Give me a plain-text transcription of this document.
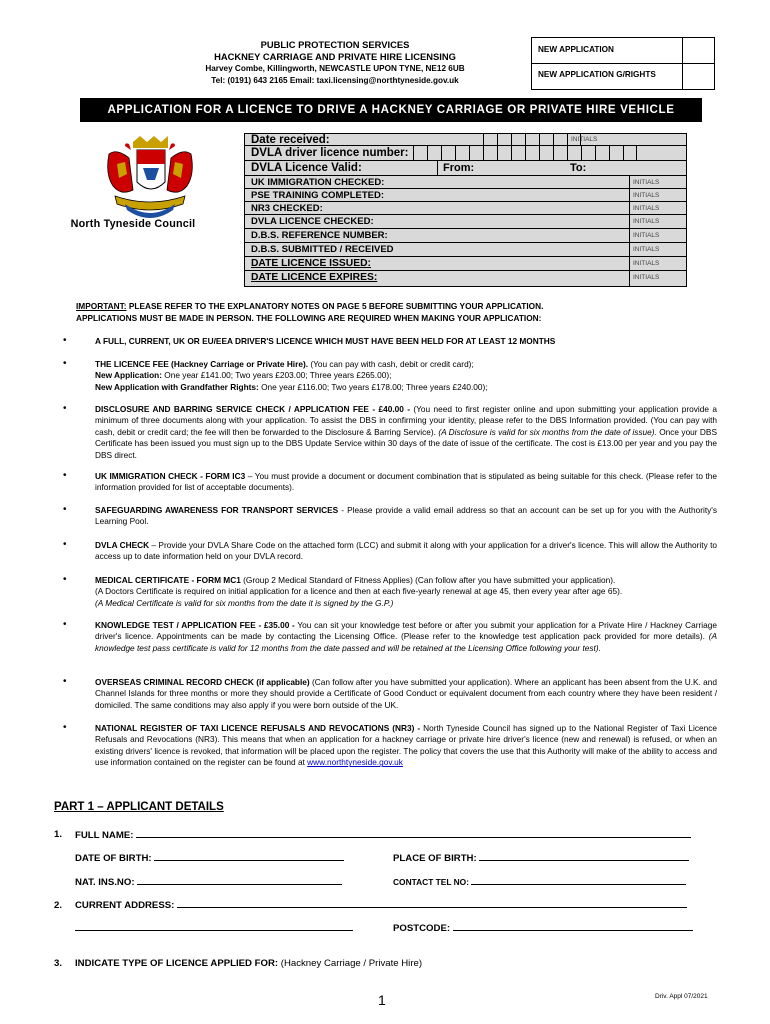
PUBLIC PROTECTION SERVICES
HACKNEY CARRIAGE AND PRIVATE HIRE LICENSING
Harvey Combe, Killingworth, NEWCASTLE UPON TYNE, NE12 6UB
Tel: (0191) 643 2165 Email: taxi.licensing@northtyneside.gov.uk
NEW APPLICATION
NEW APPLICATION G/RIGHTS
APPLICATION FOR A LICENCE TO DRIVE A HACKNEY CARRIAGE OR PRIVATE HIRE VEHICLE
North Tyneside Council
Date received:	INITIALS
DVLA driver licence number:
DVLA Licence Valid:	From:	To:
UK IMMIGRATION CHECKED:	INITIALS
PSE TRAINING COMPLETED:	INITIALS
NR3 CHECKED:	INITIALS
DVLA LICENCE CHECKED:	INITIALS
D.B.S. REFERENCE NUMBER:	INITIALS
D.B.S. SUBMITTED / RECEIVED	INITIALS
DATE LICENCE ISSUED:	INITIALS
DATE LICENCE EXPIRES:	INITIALS
IMPORTANT: PLEASE REFER TO THE EXPLANATORY NOTES ON PAGE 5 BEFORE SUBMITTING YOUR APPLICATION.
APPLICATIONS MUST BE MADE IN PERSON. THE FOLLOWING ARE REQUIRED WHEN MAKING YOUR APPLICATION:
•	A FULL, CURRENT, UK OR EU/EEA DRIVER'S LICENCE WHICH MUST HAVE BEEN HELD FOR AT LEAST 12 MONTHS
•	THE LICENCE FEE (Hackney Carriage or Private Hire). (You can pay with cash, debit or credit card);
New Application: One year £141.00; Two years £203.00; Three years £265.00);
New Application with Grandfather Rights: One year £116.00; Two years £178.00; Three years £240.00);
•	DISCLOSURE AND BARRING SERVICE CHECK / APPLICATION FEE - £40.00 - (You need to first register online and upon submitting your application provide a minimum of three documents along with your application. To assist the DBS in confirming your identity, please refer to the DBS Information provided. (You can pay with cash, debit or credit card; the fee will then be forwarded to the Disclosure & Barring Service). (A Disclosure is valid for six months from the date of issue). Once your DBS Certificate has been issued you must sign up to the DBS Update Service within 30 days of the date of issue of the certificate. The cost is £13.00 per year and you pay the DBS direct.
•	UK IMMIGRATION CHECK - FORM IC3 – You must provide a document or document combination that is stipulated as being suitable for this check. (Please refer to the information provided for list of acceptable documents).
•	SAFEGUARDING AWARENESS FOR TRANSPORT SERVICES - Please provide a valid email address so that an account can be set up for you with the Authority's Learning Pool.
•	DVLA CHECK – Provide your DVLA Share Code on the attached form (LCC) and submit it along with your application for a driver's licence. This will allow the Authority to access up to date information held on your DVLA record.
•	MEDICAL CERTIFICATE - FORM MC1 (Group 2 Medical Standard of Fitness Applies) (Can follow after you have submitted your application).
(A Doctors Certificate is required on initial application for a licence and then at each five-yearly renewal at age 45, then every year after age 65).
(A Medical Certificate is valid for six months from the date it is signed by the G.P.)
•	KNOWLEDGE TEST / APPLICATION FEE - £35.00 - You can sit your knowledge test before or after you submit your application for a Private Hire / Hackney Carriage driver's licence. Appointments can be made by contacting the Licensing Office. (Please refer to the knowledge test application pack provided for more details). (A knowledge test pass certificate is valid for 12 months from the date passed and will be retained at the Licensing Office following your test).
•	OVERSEAS CRIMINAL RECORD CHECK (if applicable) (Can follow after you have submitted your application). Where an applicant has been absent from the U.K. and Channel Islands for three months or more they should provide a Certificate of Good Conduct or equivalent document from each country where they have been resident / domiciled. The same conditions may also apply if you were born outside of the UK.
•	NATIONAL REGISTER OF TAXI LICENCE REFUSALS AND REVOCATIONS (NR3) - North Tyneside Council has signed up to the National Register of Taxi Licence Refusals and Revocations (NR3). This means that when an application for a hackney carriage or private hire driver's licence (new and renewal) is refused, or when an existing drivers' licence is revoked, that information will be placed upon the register. The policy that covers the use that this Authority will make of the ability to access and use information contained on the register can be found at www.northtyneside.gov.uk
PART 1 – APPLICANT DETAILS
1. FULL NAME:
DATE OF BIRTH:	PLACE OF BIRTH:
NAT. INS.NO:	CONTACT TEL NO:
2. CURRENT ADDRESS:
POSTCODE:
3. INDICATE TYPE OF LICENCE APPLIED FOR: (Hackney Carriage / Private Hire)
1	Driv. Appl 07/2021
